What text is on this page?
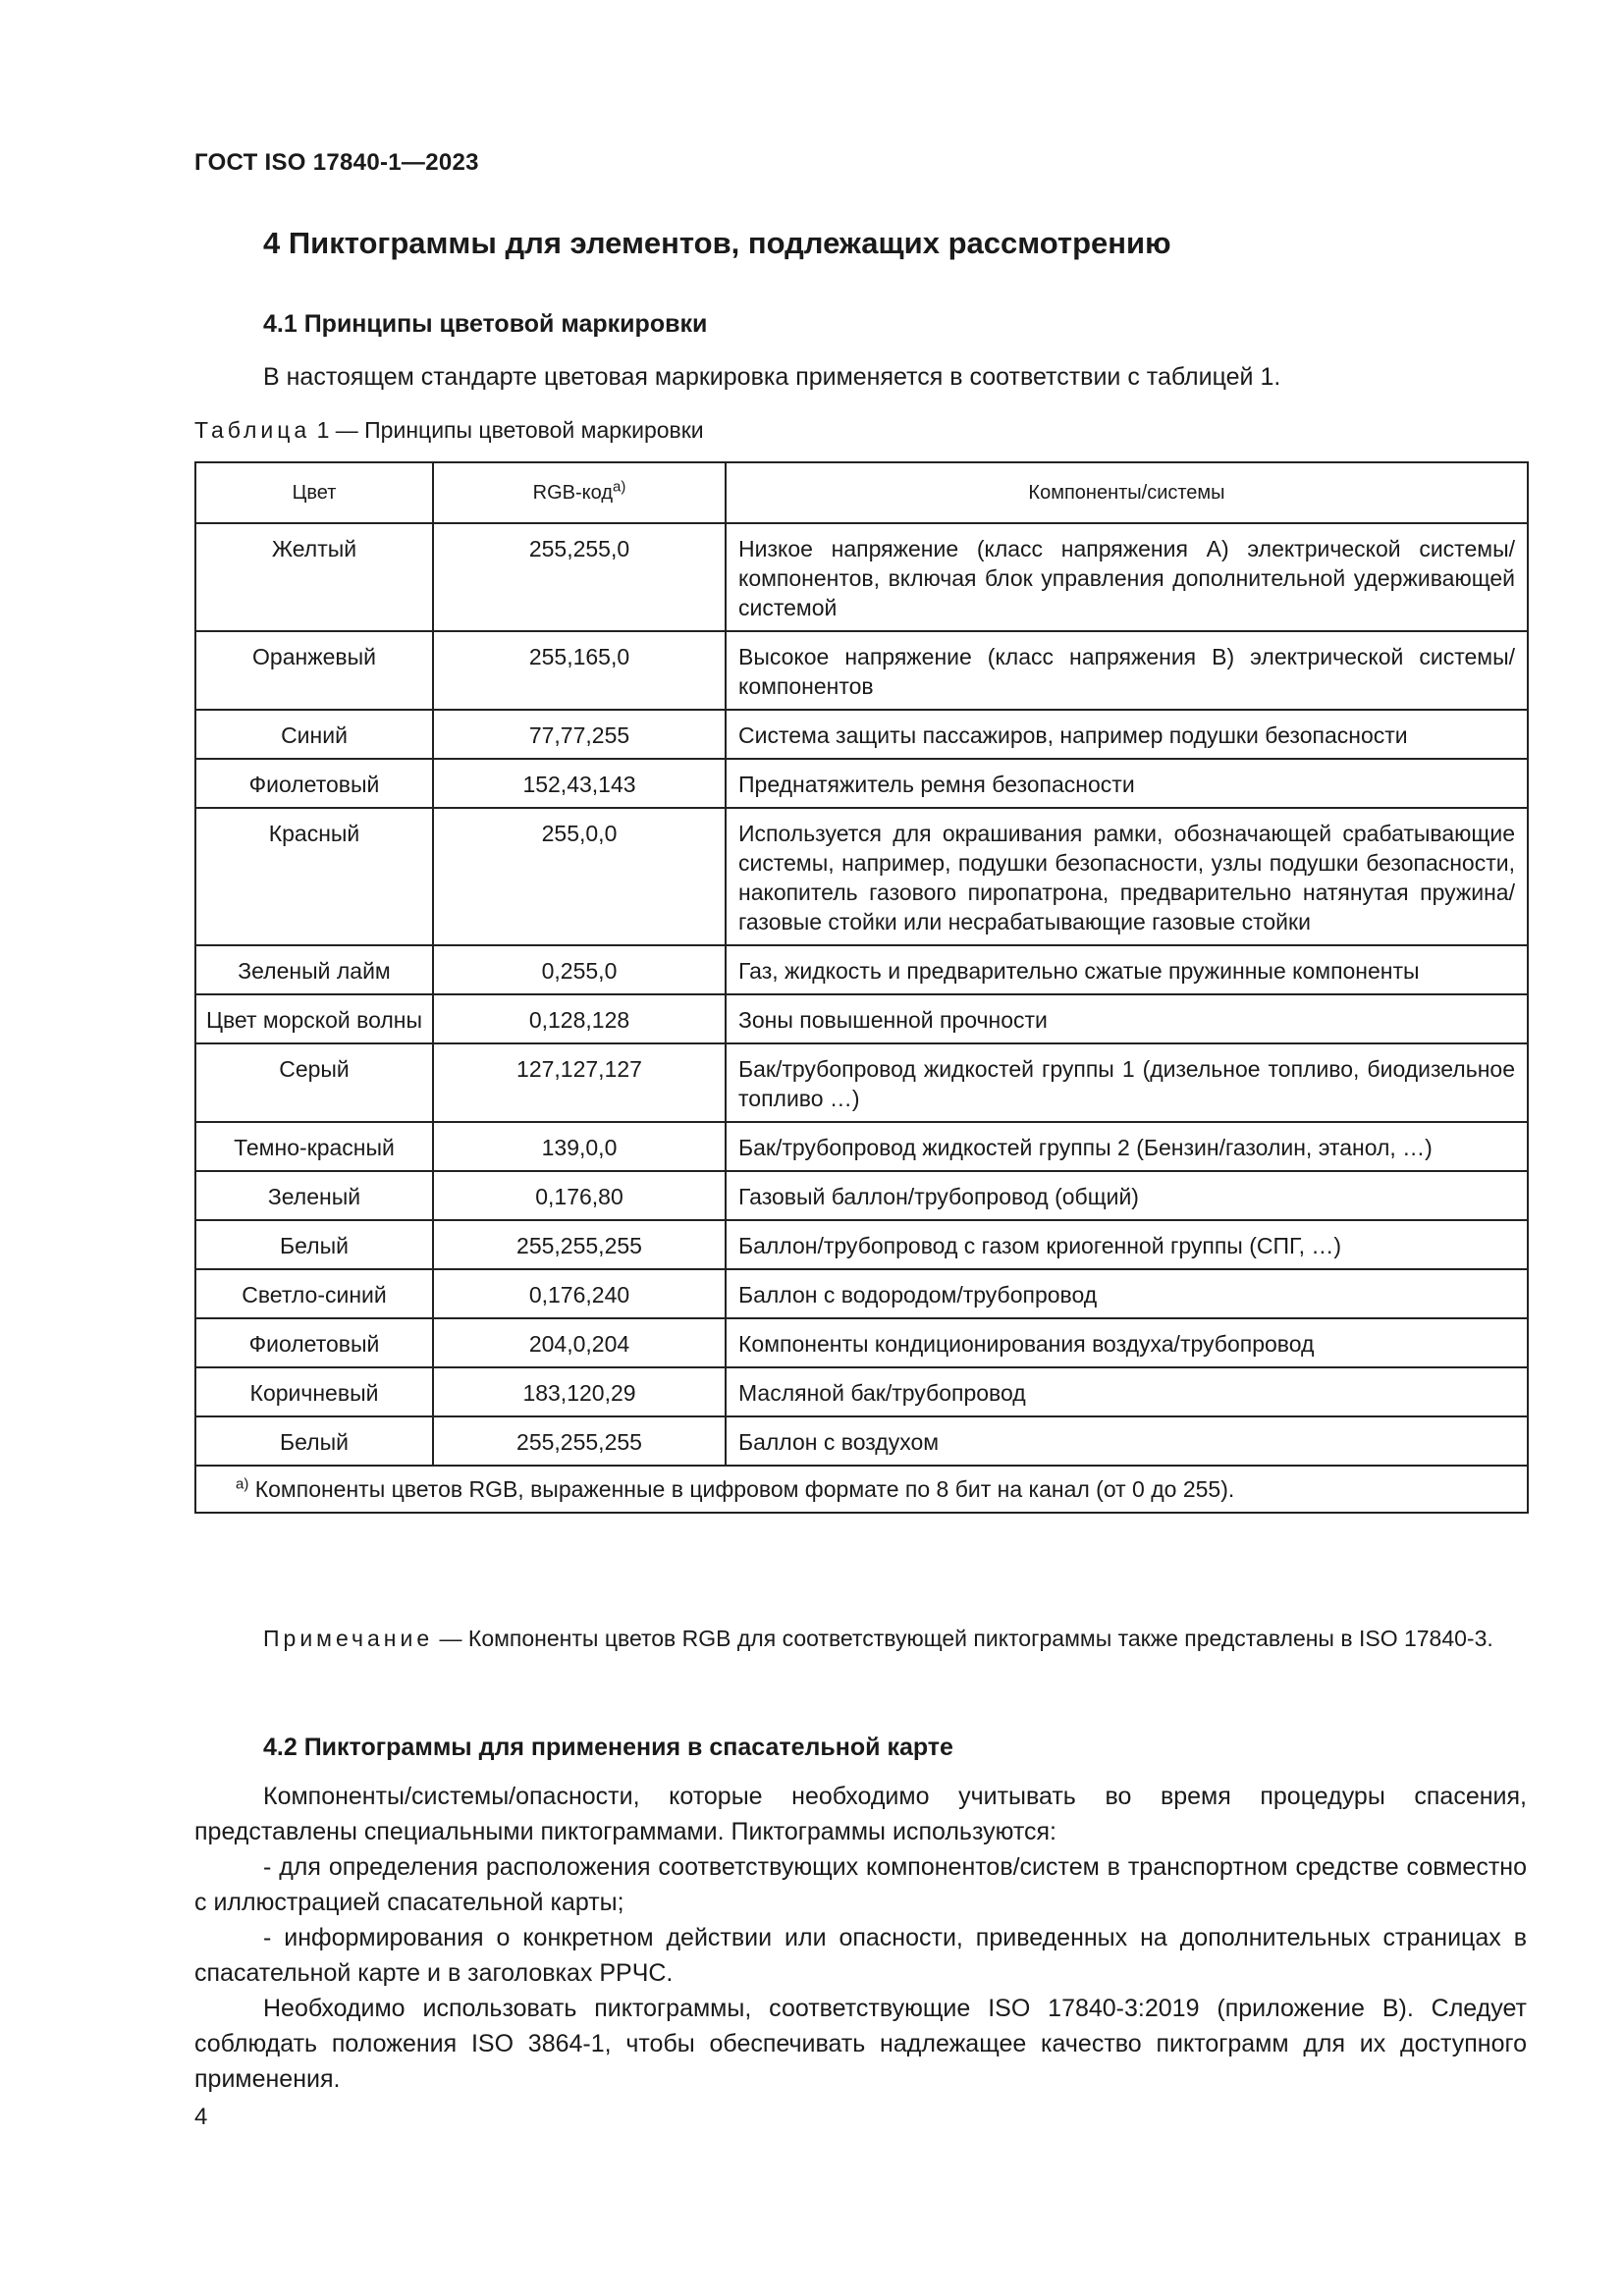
ГОСТ ISO 17840-1—2023
4 Пиктограммы для элементов, подлежащих рассмотрению
4.1 Принципы цветовой маркировки
В настоящем стандарте цветовая маркировка применяется в соответствии с таблицей 1.
Таблица 1 — Принципы цветовой маркировки
Цвет	RGB-код$^{а)}$	Компоненты/системы
Желтый	255,255,0	Низкое напряжение (класс напряжения А) электрической системы/компонентов, включая блок управления дополнительной удерживающей системой
Оранжевый	255,165,0	Высокое напряжение (класс напряжения В) электрической системы/компонентов
Синий	77,77,255	Система защиты пассажиров, например подушки безопасности
Фиолетовый	152,43,143	Преднатяжитель ремня безопасности
Красный	255,0,0	Используется для окрашивания рамки, обозначающей срабатывающие системы, например, подушки безопасности, узлы подушки безопасности, накопитель газового пиропатрона, предварительно натянутая пружина/газовые стойки или несрабатывающие газовые стойки
Зеленый лайм	0,255,0	Газ, жидкость и предварительно сжатые пружинные компоненты
Цвет морской волны	0,128,128	Зоны повышенной прочности
Серый	127,127,127	Бак/трубопровод жидкостей группы 1 (дизельное топливо, биодизельное топливо …)
Темно-красный	139,0,0	Бак/трубопровод жидкостей группы 2 (Бензин/газолин, этанол, …)
Зеленый	0,176,80	Газовый баллон/трубопровод (общий)
Белый	255,255,255	Баллон/трубопровод с газом криогенной группы (СПГ, …)
Светло-синий	0,176,240	Баллон с водородом/трубопровод
Фиолетовый	204,0,204	Компоненты кондиционирования воздуха/трубопровод
Коричневый	183,120,29	Масляной бак/трубопровод
Белый	255,255,255	Баллон с воздухом
$^{а)}$ Компоненты цветов RGB, выраженные в цифровом формате по 8 бит на канал (от 0 до 255).		
Примечание — Компоненты цветов RGB для соответствующей пиктограммы также представлены в ISO 17840-3.
4.2 Пиктограммы для применения в спасательной карте
Компоненты/системы/опасности, которые необходимо учитывать во время процедуры спасения, представлены специальными пиктограммами. Пиктограммы используются:
- для определения расположения соответствующих компонентов/систем в транспортном средстве совместно с иллюстрацией спасательной карты;
- информирования о конкретном действии или опасности, приведенных на дополнительных страницах в спасательной карте и в заголовках РРЧС.
Необходимо использовать пиктограммы, соответствующие ISO 17840-3:2019 (приложение В). Следует соблюдать положения ISO 3864-1, чтобы обеспечивать надлежащее качество пиктограмм для их доступного применения.
4
